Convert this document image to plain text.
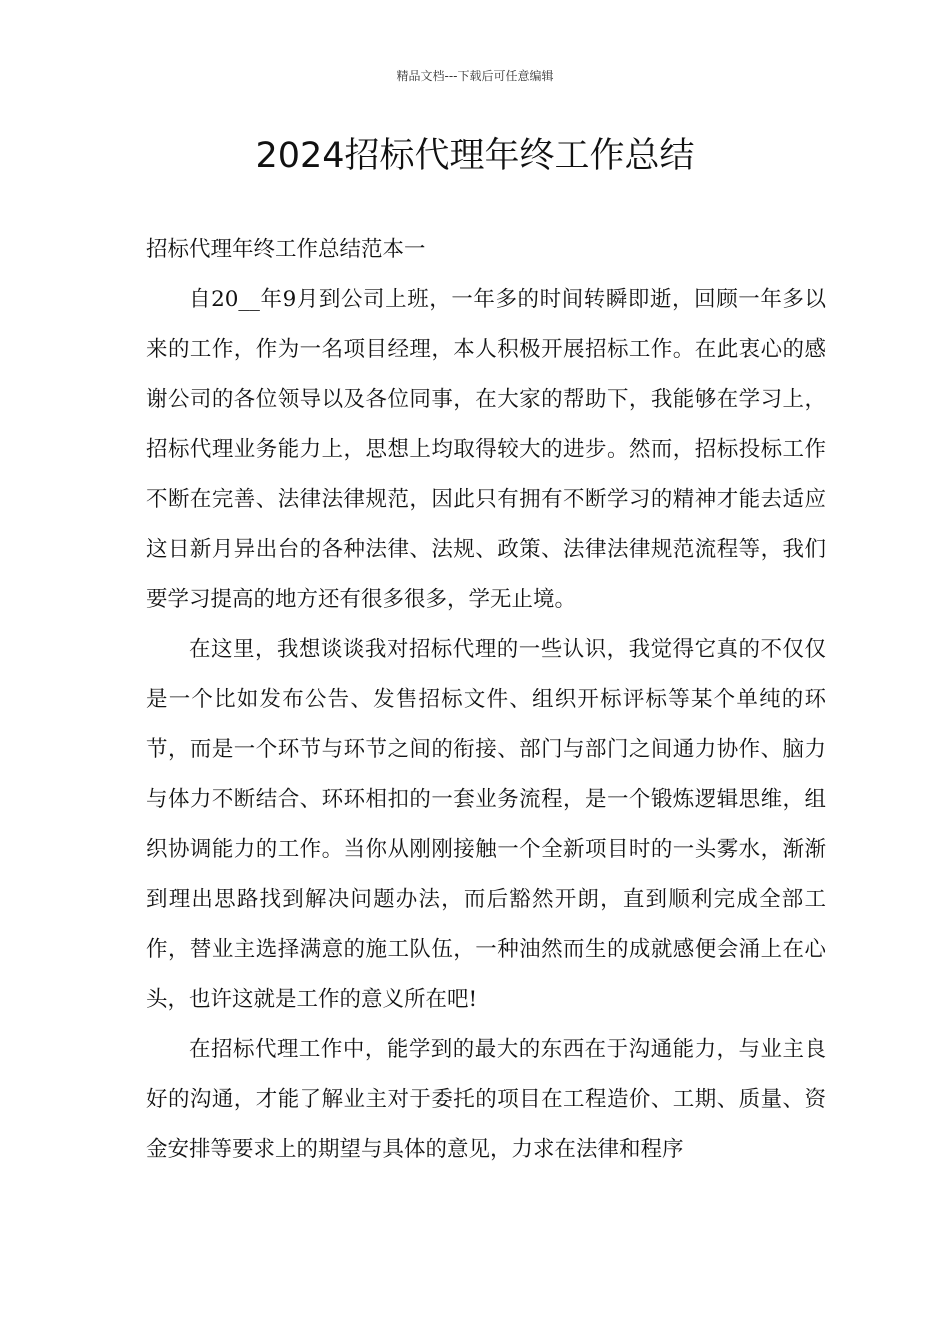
精品文档---下载后可任意编辑
2024招标代理年终工作总结

招标代理年终工作总结范本一

自20__年9月到公司上班，一年多的时间转瞬即逝，回顾一年多以来的工作，作为一名项目经理，本人积极开展招标工作。在此衷心的感谢公司的各位领导以及各位同事，在大家的帮助下，我能够在学习上，招标代理业务能力上，思想上均取得较大的进步。然而，招标投标工作不断在完善、法律法律规范，因此只有拥有不断学习的精神才能去适应这日新月异出台的各种法律、法规、政策、法律法律规范流程等，我们要学习提高的地方还有很多很多，学无止境。

在这里，我想谈谈我对招标代理的一些认识，我觉得它真的不仅仅是一个比如发布公告、发售招标文件、组织开标评标等某个单纯的环节，而是一个环节与环节之间的衔接、部门与部门之间通力协作、脑力与体力不断结合、环环相扣的一套业务流程，是一个锻炼逻辑思维，组织协调能力的工作。当你从刚刚接触一个全新项目时的一头雾水，渐渐到理出思路找到解决问题办法，而后豁然开朗，直到顺利完成全部工作，替业主选择满意的施工队伍，一种油然而生的成就感便会涌上在心头，也许这就是工作的意义所在吧!

在招标代理工作中，能学到的最大的东西在于沟通能力，与业主良好的沟通，才能了解业主对于委托的项目在工程造价、工期、质量、资金安排等要求上的期望与具体的意见，力求在法律和程序
